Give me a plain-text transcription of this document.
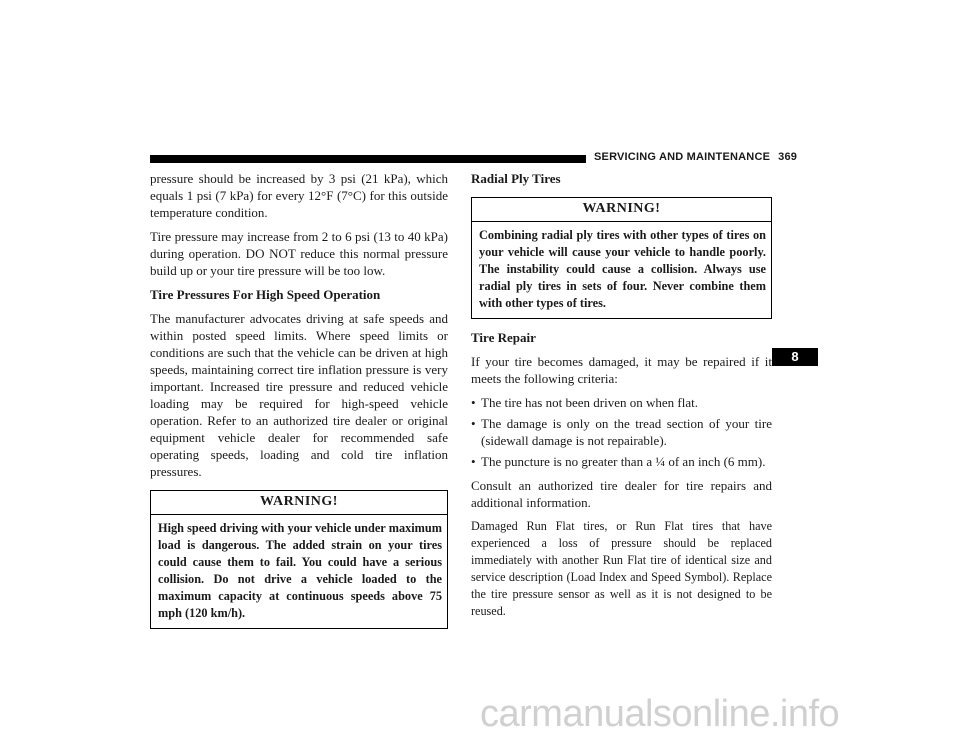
SERVICING AND MAINTENANCE 369

pressure should be increased by 3 psi (21 kPa), which equals 1 psi (7 kPa) for every 12°F (7°C) for this outside temperature condition.

Tire pressure may increase from 2 to 6 psi (13 to 40 kPa) during operation. DO NOT reduce this normal pressure build up or your tire pressure will be too low.

Tire Pressures For High Speed Operation

The manufacturer advocates driving at safe speeds and within posted speed limits. Where speed limits or conditions are such that the vehicle can be driven at high speeds, maintaining correct tire inflation pressure is very important. Increased tire pressure and reduced vehicle loading may be required for high-speed vehicle operation. Refer to an authorized tire dealer or original equipment vehicle dealer for recommended safe operating speeds, loading and cold tire inflation pressures.

WARNING!
High speed driving with your vehicle under maximum load is dangerous. The added strain on your tires could cause them to fail. You could have a serious collision. Do not drive a vehicle loaded to the maximum capacity at continuous speeds above 75 mph (120 km/h).
Radial Ply Tires
WARNING!
Combining radial ply tires with other types of tires on your vehicle will cause your vehicle to handle poorly. The instability could cause a collision. Always use radial ply tires in sets of four. Never combine them with other types of tires.
Tire Repair

If your tire becomes damaged, it may be repaired if it meets the following criteria:

• The tire has not been driven on when flat.
• The damage is only on the tread section of your tire (sidewall damage is not repairable).
• The puncture is no greater than a ¼ of an inch (6 mm).

Consult an authorized tire dealer for tire repairs and additional information.

Damaged Run Flat tires, or Run Flat tires that have experienced a loss of pressure should be replaced immediately with another Run Flat tire of identical size and service description (Load Index and Speed Symbol). Replace the tire pressure sensor as well as it is not designed to be reused.

8
carmanualsonline.info
